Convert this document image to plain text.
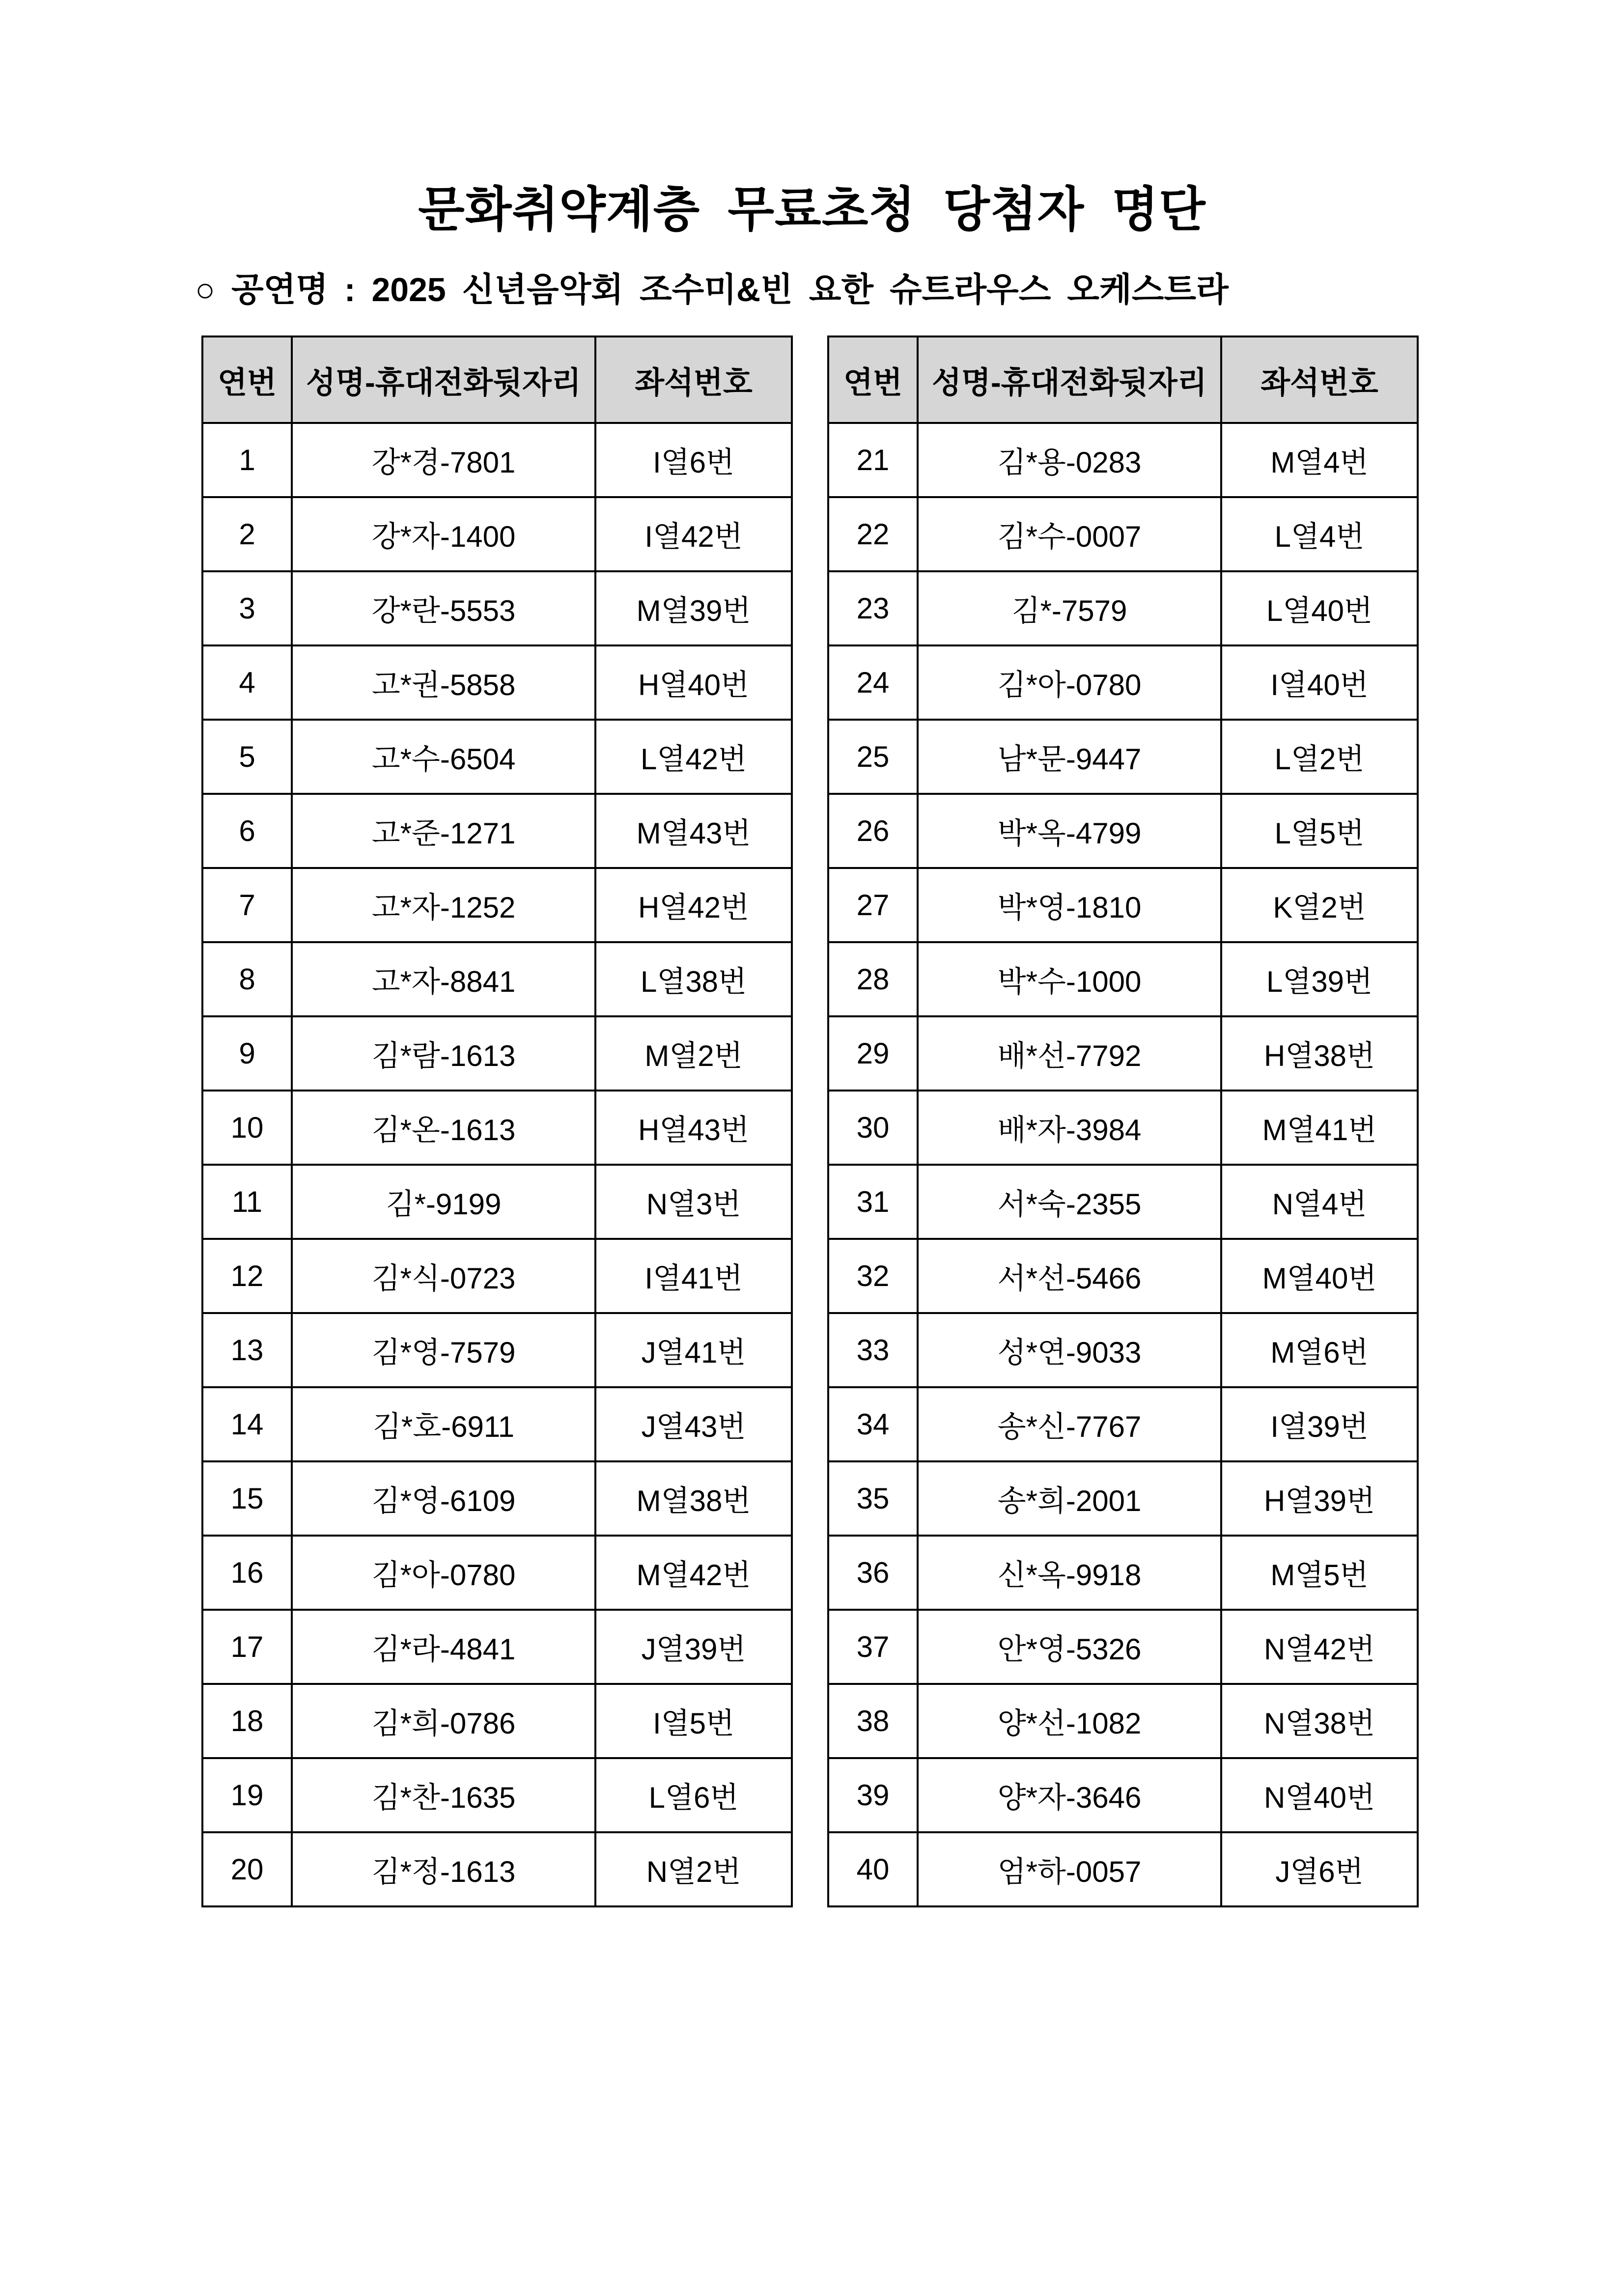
문화취약계층 무료초청 당첨자 명단

○ 공연명 : 2025 신년음악회 조수미&빈 요한 슈트라우스 오케스트라

연번	성명-휴대전화뒷자리	좌석번호
1	강*경-7801	I열6번
2	강*자-1400	I열42번
3	강*란-5553	M열39번
4	고*권-5858	H열40번
5	고*수-6504	L열42번
6	고*준-1271	M열43번
7	고*자-1252	H열42번
8	고*자-8841	L열38번
9	김*람-1613	M열2번
10	김*온-1613	H열43번
11	김*-9199	N열3번
12	김*식-0723	I열41번
13	김*영-7579	J열41번
14	김*호-6911	J열43번
15	김*영-6109	M열38번
16	김*아-0780	M열42번
17	김*라-4841	J열39번
18	김*희-0786	I열5번
19	김*찬-1635	L열6번
20	김*정-1613	N열2번
연번	성명-휴대전화뒷자리	좌석번호
21	김*용-0283	M열4번
22	김*수-0007	L열4번
23	김*-7579	L열40번
24	김*아-0780	I열40번
25	남*문-9447	L열2번
26	박*옥-4799	L열5번
27	박*영-1810	K열2번
28	박*수-1000	L열39번
29	배*선-7792	H열38번
30	배*자-3984	M열41번
31	서*숙-2355	N열4번
32	서*선-5466	M열40번
33	성*연-9033	M열6번
34	송*신-7767	I열39번
35	송*희-2001	H열39번
36	신*옥-9918	M열5번
37	안*영-5326	N열42번
38	양*선-1082	N열38번
39	양*자-3646	N열40번
40	엄*하-0057	J열6번
